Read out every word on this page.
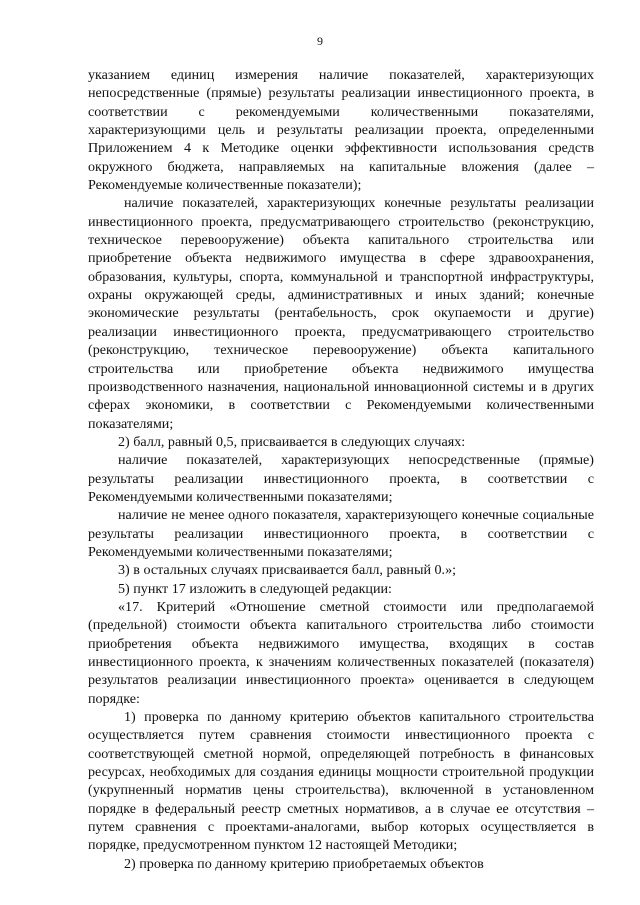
9

указанием единиц измерения наличие показателей, характеризующих непосредственные (прямые) результаты реализации инвестиционного проекта, в соответствии с рекомендуемыми количественными показателями, характеризующими цель и результаты реализации проекта, определенными Приложением 4 к Методике оценки эффективности использования средств окружного бюджета, направляемых на капитальные вложения (далее – Рекомендуемые количественные показатели);

наличие показателей, характеризующих конечные результаты реализации инвестиционного проекта, предусматривающего строительство (реконструкцию, техническое перевооружение) объекта капитального строительства или приобретение объекта недвижимого имущества в сфере здравоохранения, образования, культуры, спорта, коммунальной и транспортной инфраструктуры, охраны окружающей среды, административных и иных зданий; конечные экономические результаты (рентабельность, срок окупаемости и другие) реализации инвестиционного проекта, предусматривающего строительство (реконструкцию, техническое перевооружение) объекта капитального строительства или приобретение объекта недвижимого имущества производственного назначения, национальной инновационной системы и в других сферах экономики, в соответствии с Рекомендуемыми количественными показателями;

2) балл, равный 0,5, присваивается в следующих случаях:

наличие показателей, характеризующих непосредственные (прямые) результаты реализации инвестиционного проекта, в соответствии с Рекомендуемыми количественными показателями;

наличие не менее одного показателя, характеризующего конечные социальные результаты реализации инвестиционного проекта, в соответствии с Рекомендуемыми количественными показателями;

3) в остальных случаях присваивается балл, равный 0.»;

5) пункт 17 изложить в следующей редакции:

«17. Критерий «Отношение сметной стоимости или предполагаемой (предельной) стоимости объекта капитального строительства либо стоимости приобретения объекта недвижимого имущества, входящих в состав инвестиционного проекта, к значениям количественных показателей (показателя) результатов реализации инвестиционного проекта» оценивается в следующем порядке:

1) проверка по данному критерию объектов капитального строительства осуществляется путем сравнения стоимости инвестиционного проекта с соответствующей сметной нормой, определяющей потребность в финансовых ресурсах, необходимых для создания единицы мощности строительной продукции (укрупненный норматив цены строительства), включенной в установленном порядке в федеральный реестр сметных нормативов, а в случае ее отсутствия – путем сравнения с проектами-аналогами, выбор которых осуществляется в порядке, предусмотренном пунктом 12 настоящей Методики;

2) проверка по данному критерию приобретаемых объектов
